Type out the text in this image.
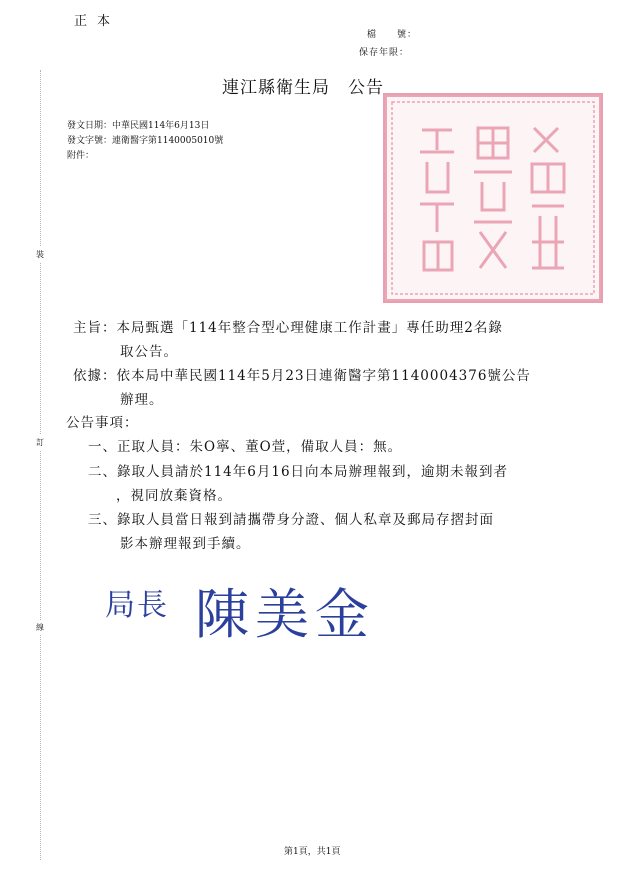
正本
檔　　號：
保存年限：
連江縣衛生局 公告
發文日期：中華民國114年6月13日
發文字號：連衛醫字第1140005010號
附件：
裝
訂
線
主旨：本局甄選「114年整合型心理健康工作計畫」專任助理2名錄
取公告。
依據：依本局中華民國114年5月23日連衛醫字第1140004376號公告
辦理。
公告事項：
一、正取人員：朱O寧、董O萱，備取人員：無。
二、錄取人員請於114年6月16日向本局辦理報到，逾期未報到者
，視同放棄資格。
三、錄取人員當日報到請攜帶身分證、個人私章及郵局存摺封面
影本辦理報到手續。
局長 陳美金
第1頁，共1頁
